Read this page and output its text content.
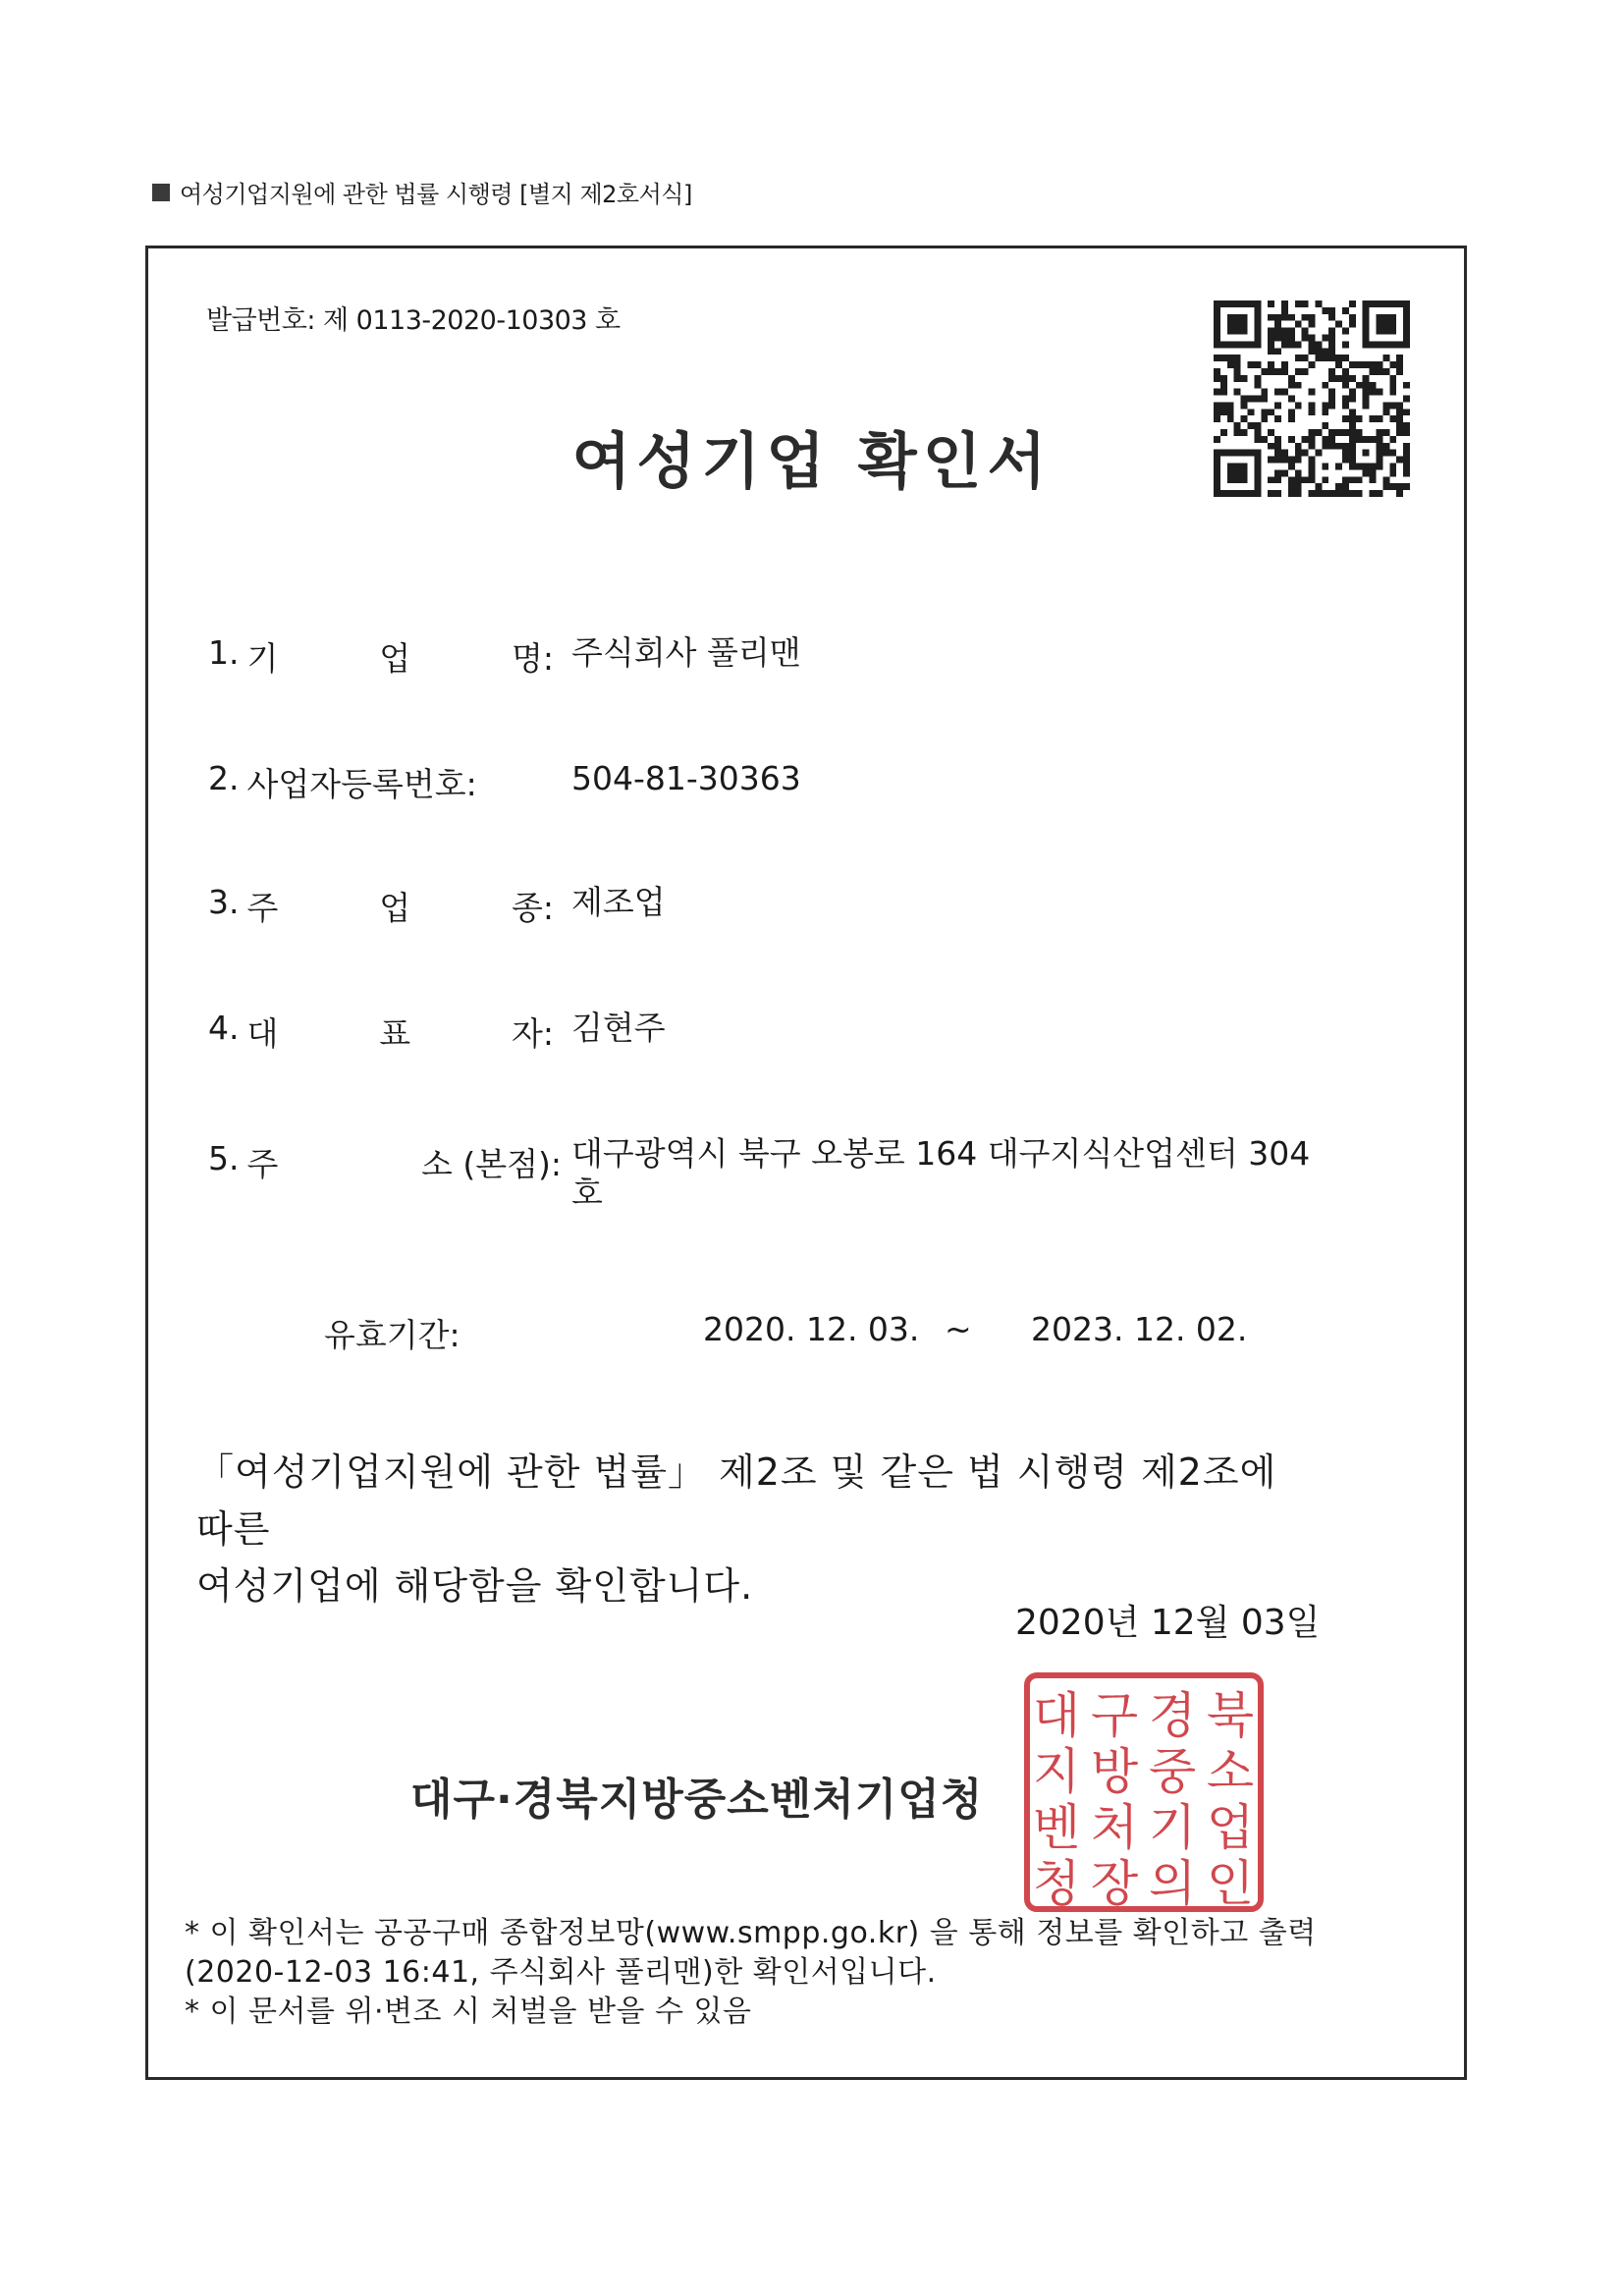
여성기업지원에 관한 법률 시행령 [별지 제2호서식]
발급번호: 제 0113-2020-10303 호
여성기업 확인서
1. 기	업	명: 주식회사 풀리맨
2. 사업자등록번호:	504-81-30363
3. 주	업	종: 제조업
4. 대	표	자: 김현주
5. 주	소 (본점): 대구광역시 북구 오봉로 164 대구지식산업센터 304 호
유효기간:	2020. 12. 03. ~ 2023. 12. 02.
「여성기업지원에 관한 법률」 제2조 및 같은 법 시행령 제2조에 따른
여성기업에 해당함을 확인합니다.
2020년 12월 03일
대구·경북지방중소벤처기업청
대 구 경 북
지 방 중 소
벤 처 기 업
청 장 의 인
* 이 확인서는 공공구매 종합정보망(www.smpp.go.kr) 을 통해 정보를 확인하고 출력
(2020-12-03 16:41, 주식회사 풀리맨)한 확인서입니다.
* 이 문서를 위·변조 시 처벌을 받을 수 있음
